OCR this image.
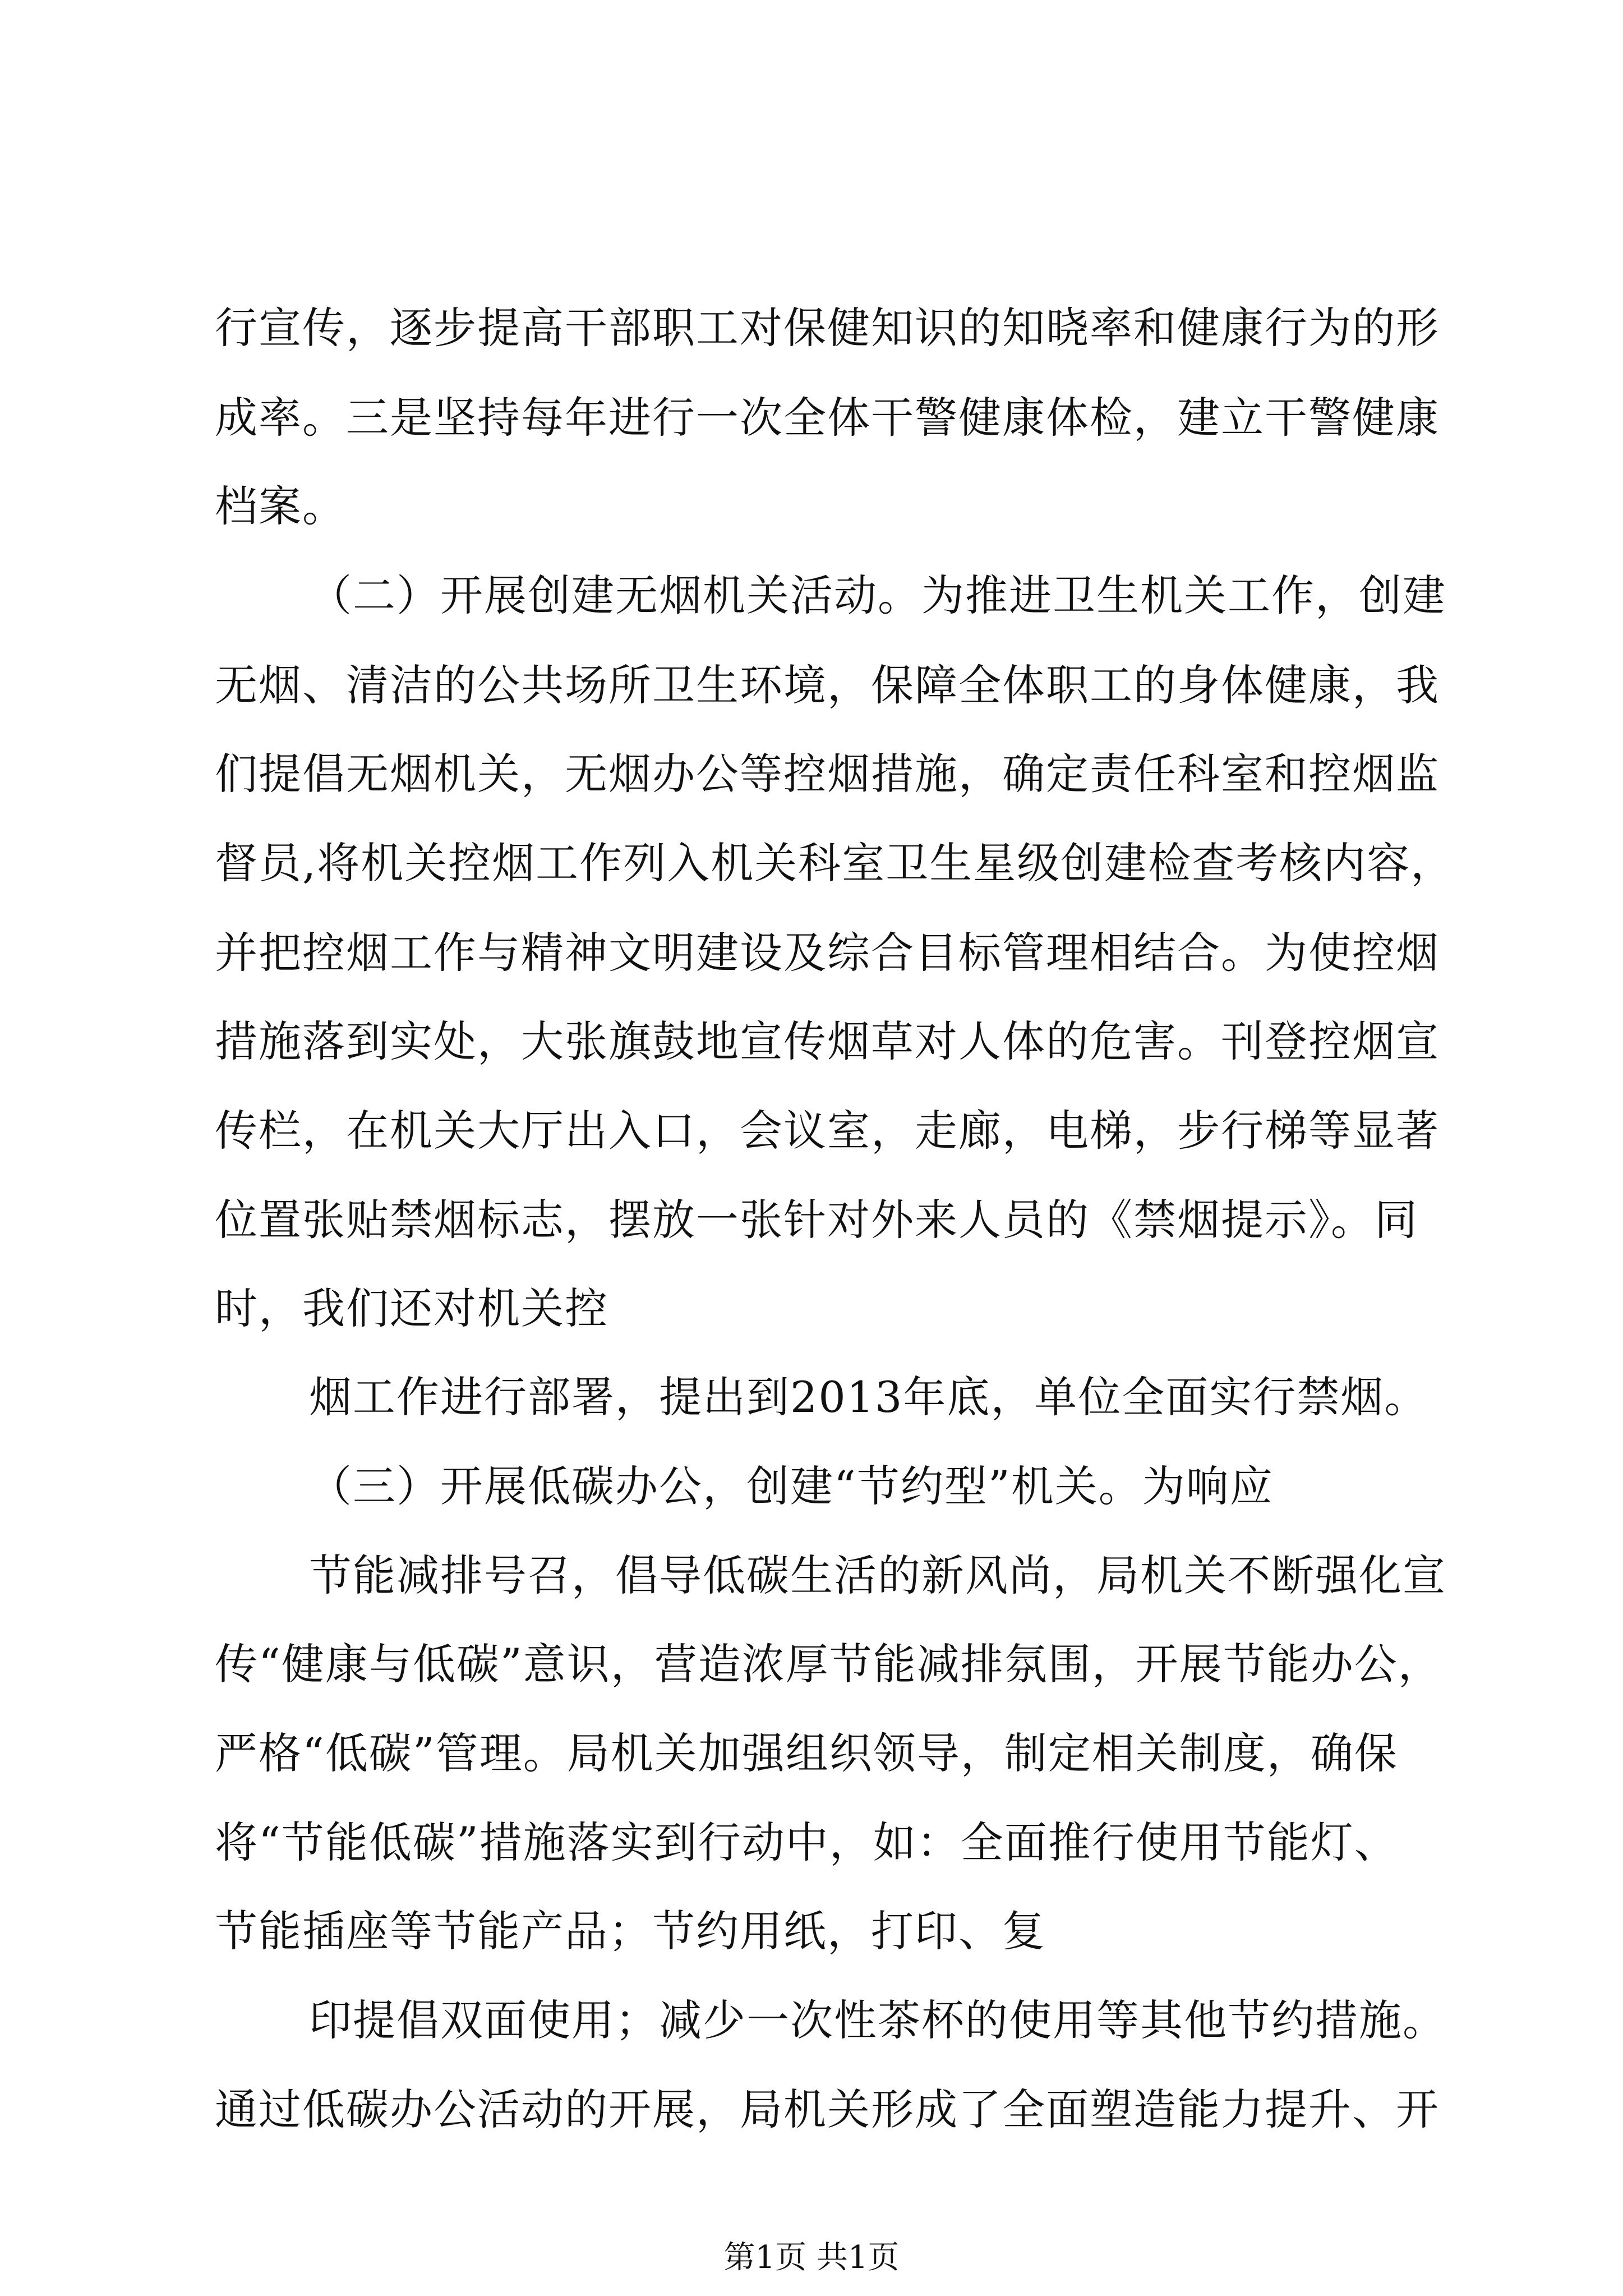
行宣传，逐步提高干部职工对保健知识的知晓率和健康行为的形
成率。三是坚持每年进行一次全体干警健康体检，建立干警健康
档案。
（二）开展创建无烟机关活动。为推进卫生机关工作，创建
无烟、清洁的公共场所卫生环境，保障全体职工的身体健康，我
们提倡无烟机关，无烟办公等控烟措施，确定责任科室和控烟监
督员,将机关控烟工作列入机关科室卫生星级创建检查考核内容，
并把控烟工作与精神文明建设及综合目标管理相结合。为使控烟
措施落到实处，大张旗鼓地宣传烟草对人体的危害。刊登控烟宣
传栏，在机关大厅出入口，会议室，走廊，电梯，步行梯等显著
位置张贴禁烟标志，摆放一张针对外来人员的《禁烟提示》。同
时，我们还对机关控
烟工作进行部署，提出到2013年底，单位全面实行禁烟。
（三）开展低碳办公，创建“节约型”机关。为响应
节能减排号召，倡导低碳生活的新风尚，局机关不断强化宣
传“健康与低碳”意识，营造浓厚节能减排氛围，开展节能办公，
严格“低碳”管理。局机关加强组织领导，制定相关制度，确保
将“节能低碳”措施落实到行动中，如：全面推行使用节能灯、
节能插座等节能产品；节约用纸，打印、复
印提倡双面使用；减少一次性茶杯的使用等其他节约措施。
通过低碳办公活动的开展，局机关形成了全面塑造能力提升、开
第1页 共1页
